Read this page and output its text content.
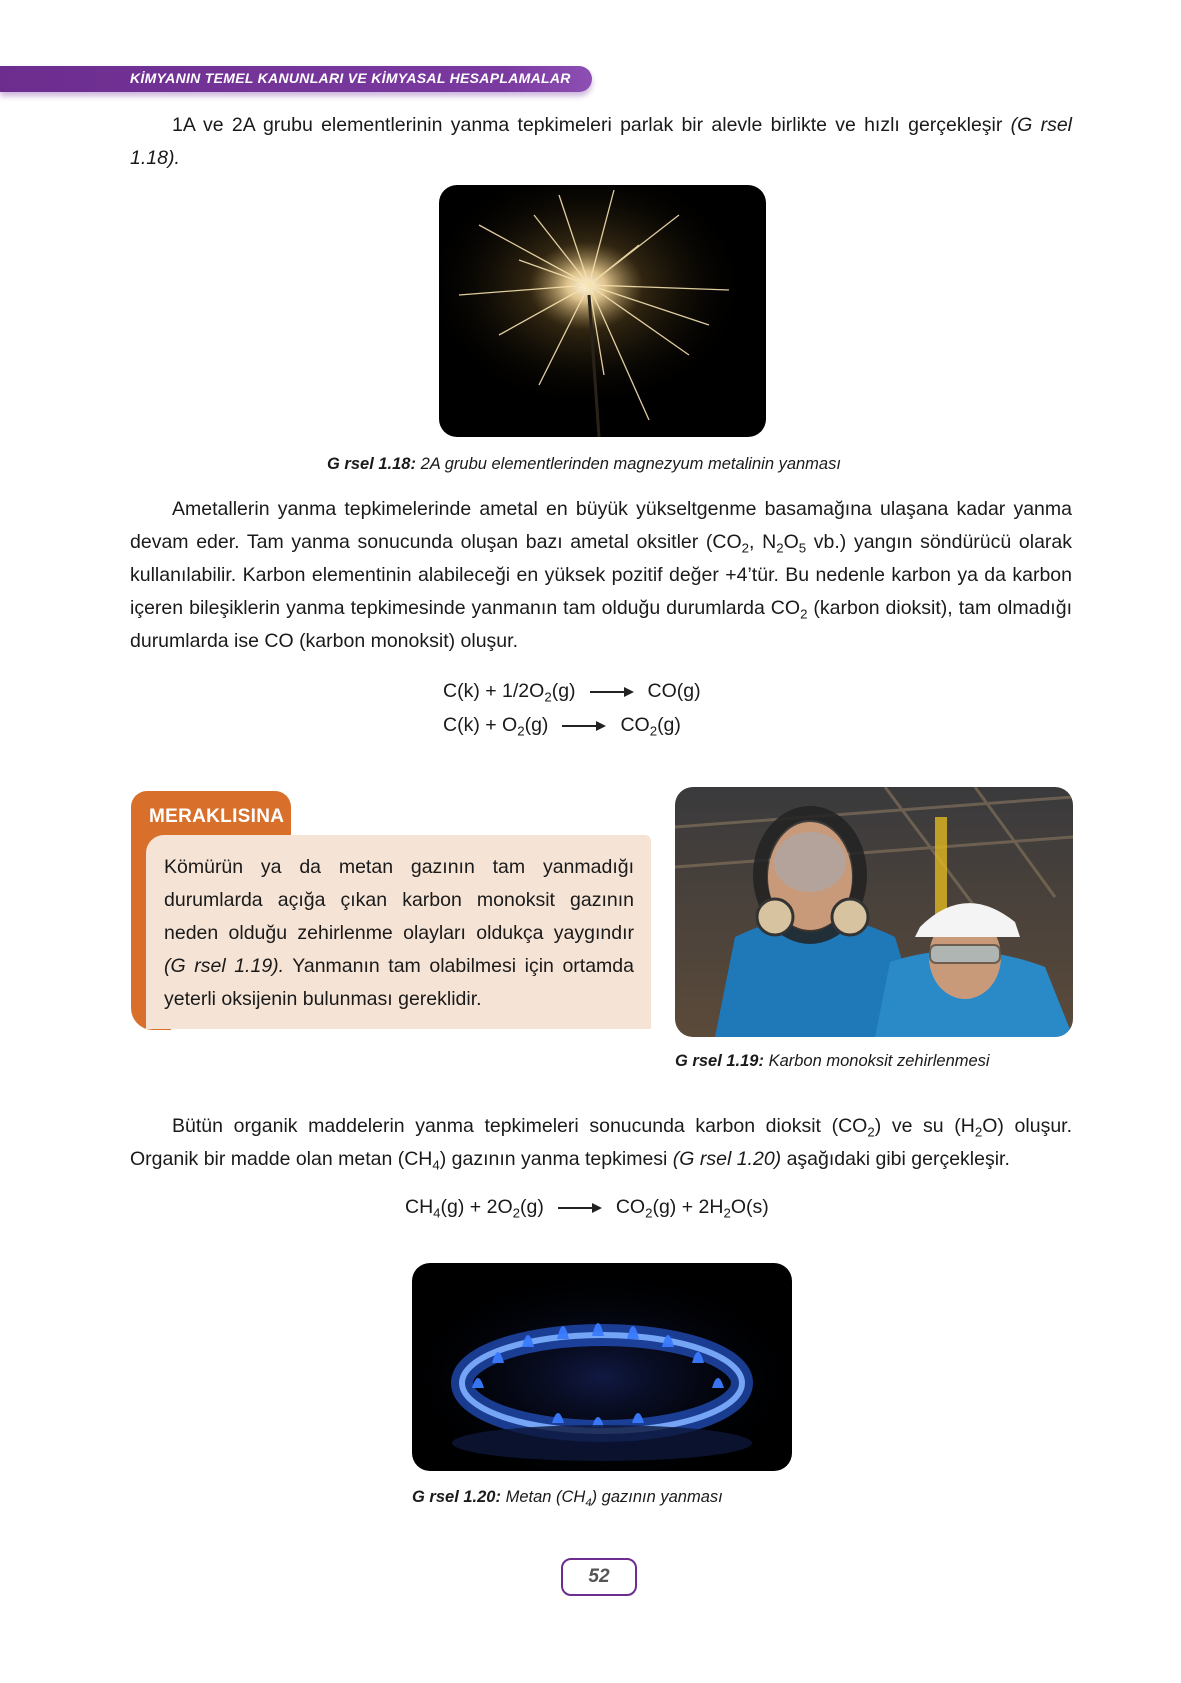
KİMYANIN TEMEL KANUNLARI VE KİMYASAL HESAPLAMALAR
1A ve 2A grubu elementlerinin yanma tepkimeleri parlak bir alevle birlikte ve hızlı gerçekleşir (G rsel 1.18).
G rsel 1.18: 2A grubu elementlerinden magnezyum metalinin yanması
Ametallerin yanma tepkimelerinde ametal en büyük yükseltgenme basamağına ulaşana kadar yanma devam eder. Tam yanma sonucunda oluşan bazı ametal oksitler ($CO_2$, $N_2O_5$ vb.) yangın söndürücü olarak kullanılabilir. Karbon elementinin alabileceği en yüksek pozitif değer +4’tür. Bu nedenle karbon ya da karbon içeren bileşiklerin yanma tepkimesinde yanmanın tam olduğu durumlarda $CO_2$ (karbon dioksit), tam olmadığı durumlarda ise CO (karbon monoksit) oluşur.
$C(k) + 1/2O_2(g) \to CO(g)$
$C(k) + O_2(g) \to CO_2(g)$
MERAKLISINA
Kömürün ya da metan gazının tam yanmadığı durumlarda açığa çıkan karbon monoksit gazının neden olduğu zehirlenme olayları oldukça yaygındır (G rsel 1.19). Yanmanın tam olabilmesi için ortamda yeterli oksijenin bulunması gereklidir.
G rsel 1.19: Karbon monoksit zehirlenmesi
Bütün organik maddelerin yanma tepkimeleri sonucunda karbon dioksit $(CO_2)$ ve su $(H_2O)$ oluşur. Organik bir madde olan metan $(CH_4)$ gazının yanma tepkimesi (G rsel 1.20) aşağıdaki gibi gerçekleşir.
$CH_4(g) + 2O_2(g) \to CO_2(g) + 2H_2O(s)$
G rsel 1.20: Metan $(CH_4)$ gazının yanması
52
